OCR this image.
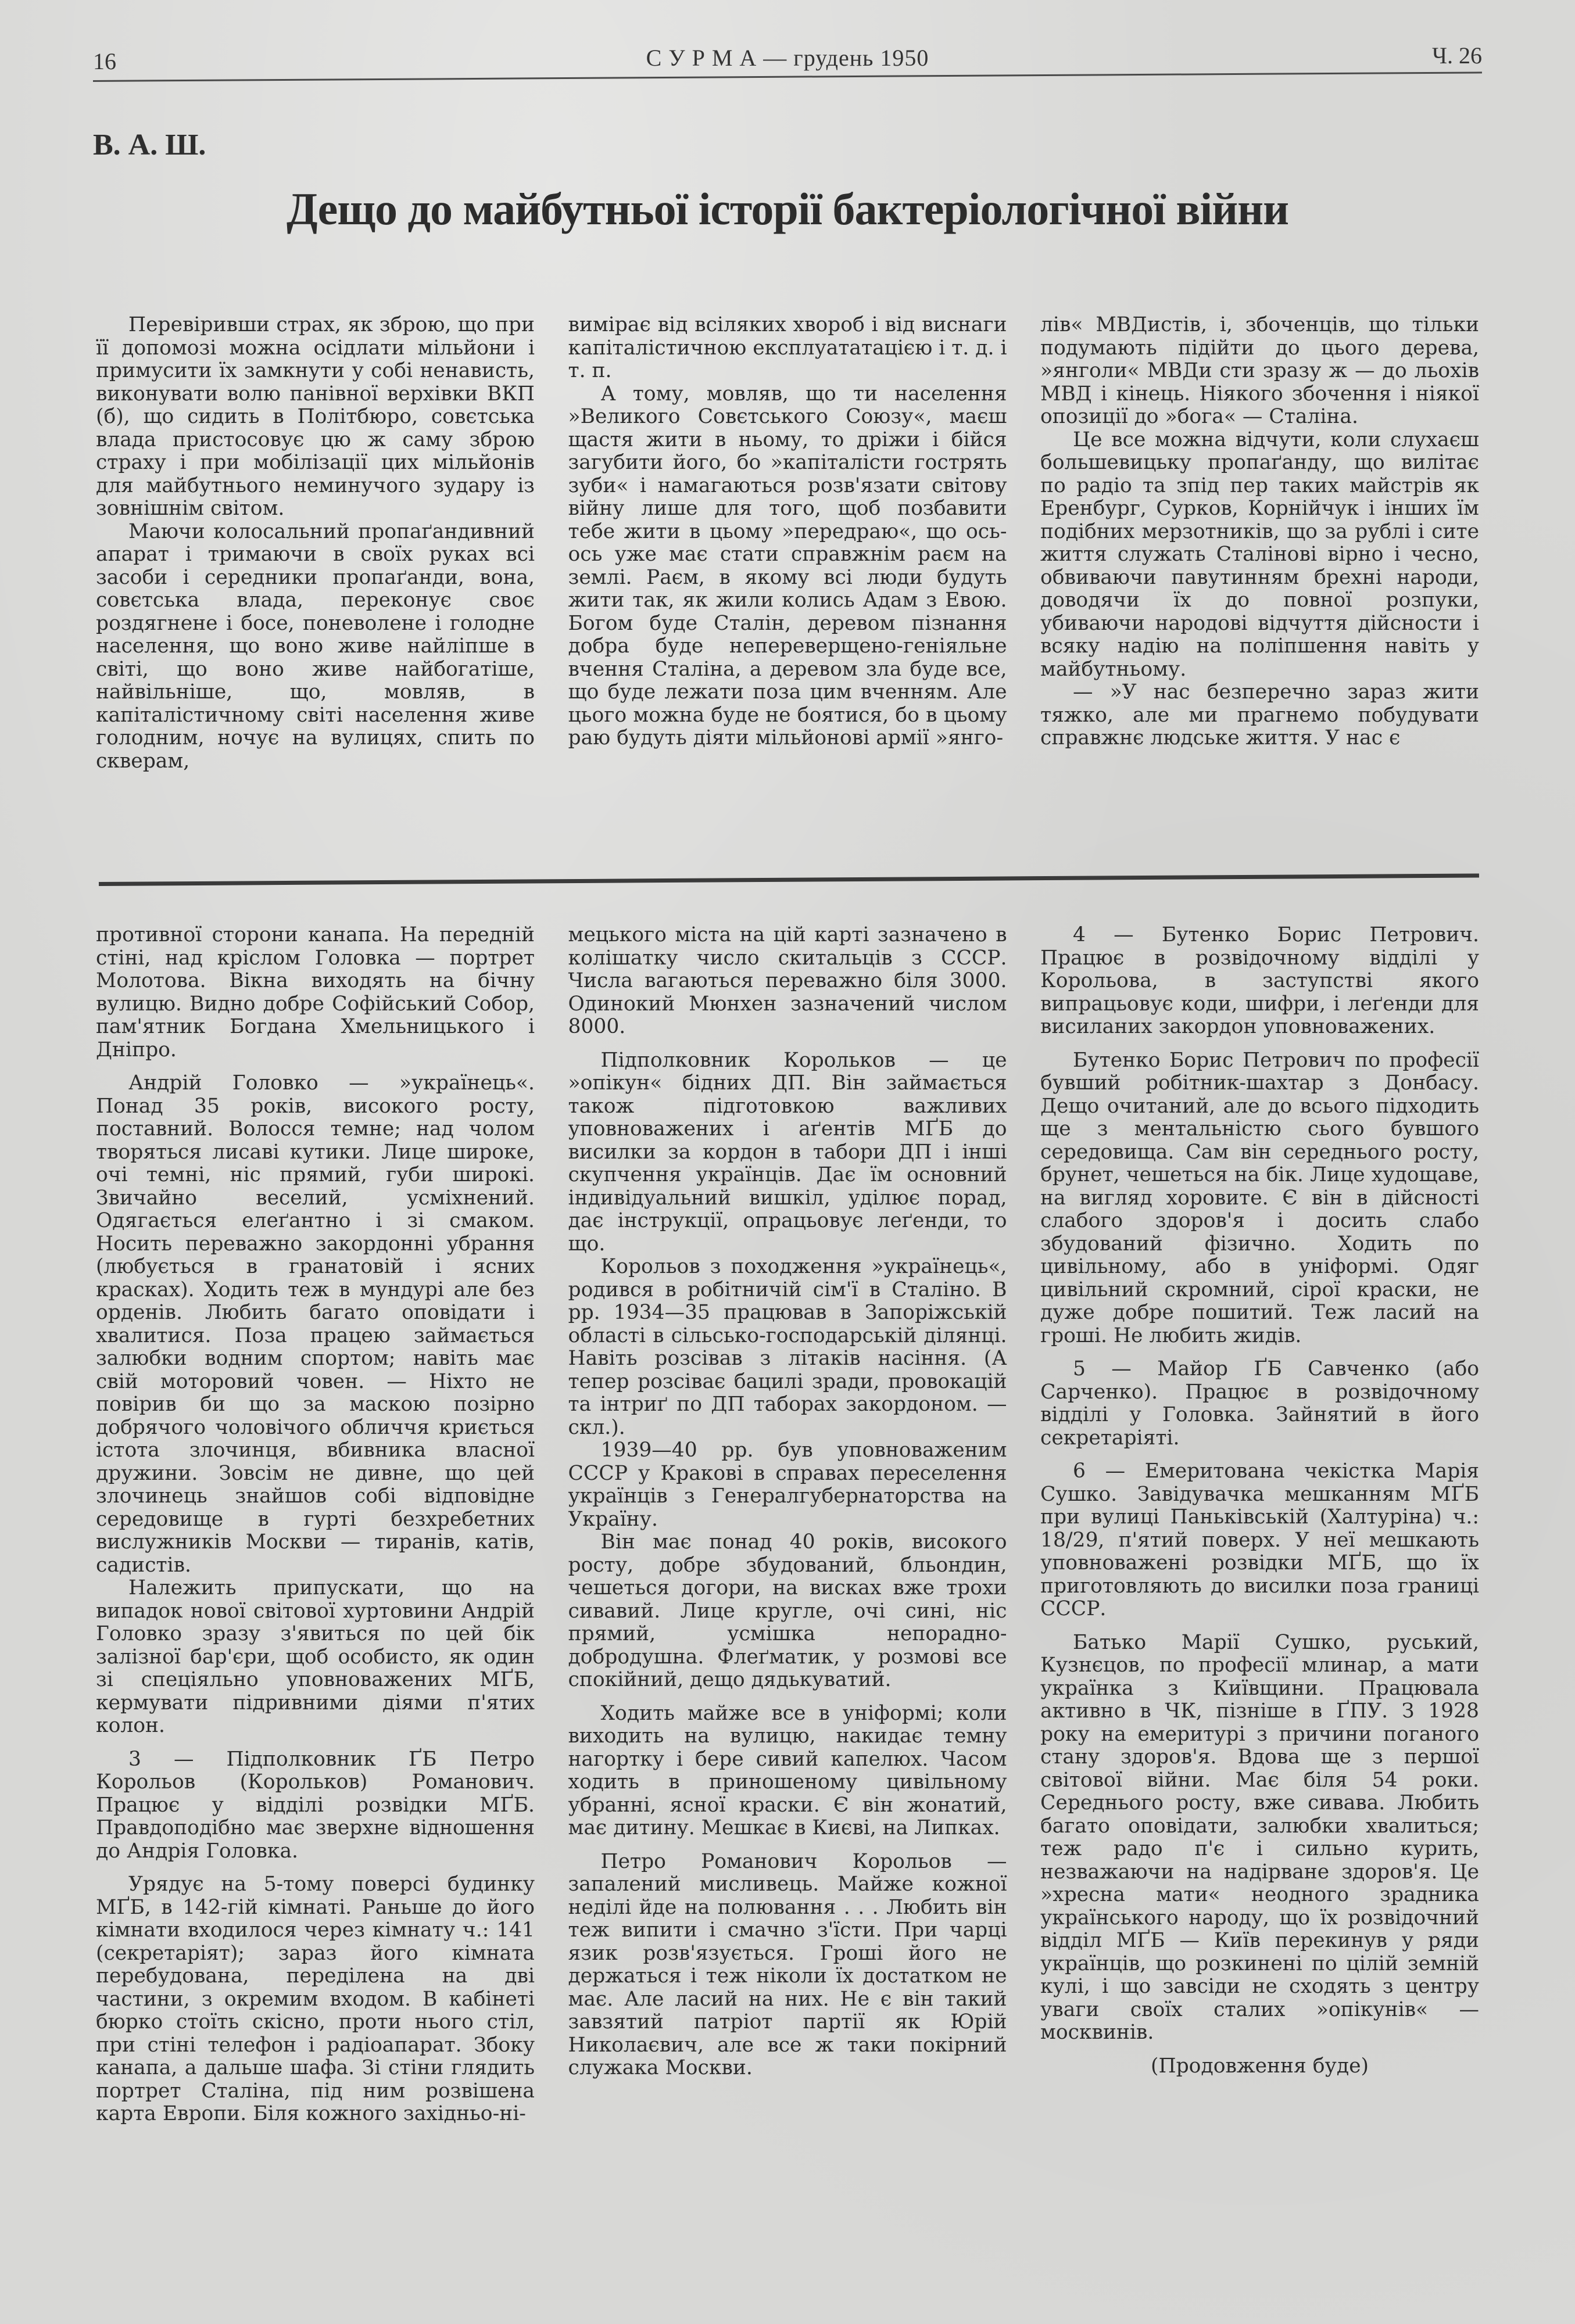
16	С У Р М А — грудень 1950	Ч. 26
В. А. Ш.
Дещо до майбутньої історії бактеріологічної війни

Перевіривши страх, як зброю, що при її допомозі можна осідлати мільйони і примусити їх замкнути у собі ненависть, виконувати волю панівної верхівки ВКП (б), що сидить в Політбюро, совєтська влада пристосовує цю ж саму зброю страху і при мобілізації цих мільйонів для майбутнього неминучого зудару із зовнішнім світом.

Маючи колосальний пропаґандивний апарат і тримаючи в своїх руках всі засоби і середники пропаґанди, вона, совєтська влада, переконує своє роздягнене і босе, поневолене і голодне населення, що воно живе найліпше в світі, що воно живе найбогатіше, найвільніше, що, мовляв, в капіталістичному світі населення живе голодним, ночує на вулицях, спить по скверам,

вимірає від всіляких хвороб і від виснаги капіталістичною експлуататацією і т. д. і т. п.

А тому, мовляв, що ти населення »Великого Совєтського Союзу«, маєш щастя жити в ньому, то дріжи і бійся загубити його, бо »капіталісти гострять зуби« і намагаються розв'язати світову війну лише для того, щоб позбавити тебе жити в цьому »передраю«, що ось-ось уже має стати справжнім раєм на землі. Раєм, в якому всі люди будуть жити так, як жили колись Адам з Евою. Богом буде Сталін, деревом пізнання добра буде непереверщено-геніяльне вчення Сталіна, а деревом зла буде все, що буде лежати поза цим вченням. Але цього можна буде не боятися, бо в цьому раю будуть діяти мільйонові армії »янго-

лів« МВДистів, і, збоченців, що тільки подумають підійти до цього дерева, »янголи« МВДи сти зразу ж — до льохів МВД і кінець. Ніякого збочення і ніякої опозиції до »бога« — Сталіна.

Це все можна відчути, коли слухаєш большевицьку пропаґанду, що вилітає по радіо та зпід пер таких майстрів як Еренбург, Сурков, Корнійчук і інших їм подібних мерзотників, що за рублі і сите життя служать Сталінові вірно і чесно, обвиваючи павутинням брехні народи, доводячи їх до повної розпуки, убиваючи народові відчуття дійсности і всяку надію на поліпшення навіть у майбутньому.

— »У нас безперечно зараз жити тяжко, але ми прагнемо побудувати справжнє людське життя. У нас є

противної сторони канапа. На передній стіні, над кріслом Головка — портрет Молотова. Вікна виходять на бічну вулицю. Видно добре Софійський Собор, пам'ятник Богдана Хмельницького і Дніпро.

Андрій Головко — »українець«. Понад 35 років, високого росту, поставний. Волосся темне; над чолом творяться лисаві кутики. Лице широке, очі темні, ніс прямий, губи широкі. Звичайно веселий, усміхнений. Одягається елеґантно і зі смаком. Носить переважно закордонні убрання (любується в гранатовій і ясних красках). Ходить теж в мундурі але без орденів. Любить багато оповідати і хвалитися. Поза працею займається залюбки водним спортом; навіть має свій моторовий човен. — Ніхто не повірив би що за маскою позірно добрячого чоловічого обличчя криється істота злочинця, вбивника власної дружини. Зовсім не дивне, що цей злочинець знайшов собі відповідне середовище в гурті безхребетних вислужників Москви — тиранів, катів, садистів.

Належить припускати, що на випадок нової світової хуртовини Андрій Головко зразу з'явиться по цей бік залізної бар'єри, щоб особисто, як один зі спеціяльно уповноважених МҐБ, кермувати підривними діями п'ятих колон.

3 — Підполковник ҐБ Петро Корольов (Корольков) Романович. Працює у відділі розвідки МҐБ. Правдоподібно має зверхне відношення до Андрія Головка.

Урядує на 5-тому поверсі будинку МҐБ, в 142-гій кімнаті. Раньше до його кімнати входилося через кімнату ч.: 141 (секретаріят); зараз його кімната перебудована, переділена на дві частини, з окремим входом. В кабінеті бюрко стоїть скісно, проти нього стіл, при стіні телефон і радіоапарат. Збоку канапа, а дальше шафа. Зі стіни глядить портрет Сталіна, під ним розвішена карта Европи. Біля кожного західньо-ні-

мецького міста на цій карті зазначено в колішатку число скитальців з СССР. Числа вагаються переважно біля 3000. Одинокий Мюнхен зазначений числом 8000.

Підполковник Корольков — це »опікун« бідних ДП. Він займається також підготовкою важливих уповноважених і аґентів МҐБ до висилки за кордон в табори ДП і інші скупчення українців. Дає їм основний індивідуальний вишкіл, уділює порад, дає інструкції, опрацьовує леґенди, то що.

Корольов з походження »українець«, родився в робітничій сім'ї в Сталіно. В рр. 1934—35 працював в Запоріжській області в сільсько-господарській ділянці. Навіть розсівав з літаків насіння. (А тепер розсіває бацилі зради, провокацій та інтриґ по ДП таборах закордоном. — скл.).

1939—40 рр. був уповноваженим СССР у Кракові в справах переселення українців з Генералгубернаторства на Україну.

Він має понад 40 років, високого росту, добре збудований, бльондин, чешеться догори, на висках вже трохи сивавий. Лице кругле, очі сині, ніс прямий, усмішка непорадно-добродушна. Флеґматик, у розмові все спокійний, дещо дядькуватий.

Ходить майже все в уніформі; коли виходить на вулицю, накидає темну нагортку і бере сивий капелюх. Часом ходить в приношеному цивільному убранні, ясної краски. Є він жонатий, має дитину. Мешкає в Києві, на Липках.

Петро Романович Корольов — запалений мисливець. Майже кожної неділі йде на полювання . . . Любить він теж випити і смачно з'їсти. При чарці язик розв'язується. Гроші його не держаться і теж ніколи їх достатком не має. Але ласий на них. Не є він такий завзятий патріот партії як Юрій Николаєвич, але все ж таки покірний служака Москви.

4 — Бутенко Борис Петрович. Працює в розвідочному відділі у Корольова, в заступстві якого випрацьовує коди, шифри, і леґенди для висиланих закордон уповноважених.

Бутенко Борис Петрович по професії бувший робітник-шахтар з Донбасу. Дещо очитаний, але до всього підходить ще з ментальністю сього бувшого середовища. Сам він середнього росту, брунет, чешеться на бік. Лице худощаве, на вигляд хоровите. Є він в дійсності слабого здоров'я і досить слабо збудований фізично. Ходить по цивільному, або в уніформі. Одяг цивільний скромний, сірої краски, не дуже добре пошитий. Теж ласий на гроші. Не любить жидів.

5 — Майор ҐБ Савченко (або Сарченко). Працює в розвідочному відділі у Головка. Зайнятий в його секретаріяті.

6 — Емеритована чекістка Марія Сушко. Завідувачка мешканням МҐБ при вулиці Паньківській (Халтуріна) ч.: 18/29, п'ятий поверх. У неї мешкають уповноважені розвідки МҐБ, що їх приготовляють до висилки поза границі СССР.

Батько Марії Сушко, руський, Кузнєцов, по професії млинар, а мати українка з Київщини. Працювала активно в ЧК, пізніше в ҐПУ. З 1928 року на емеритурі з причини поганого стану здоров'я. Вдова ще з першої світової війни. Має біля 54 роки. Середнього росту, вже сивава. Любить багато оповідати, залюбки хвалиться; теж радо п'є і сильно курить, незважаючи на надірване здоров'я. Це »хресна мати« неодного зрадника українського народу, що їх розвідочний відділ МҐБ — Київ перекинув у ряди українців, що розкинені по цілій земній кулі, і що завсіди не сходять з центру уваги своїх сталих »опікунів« — москвинів.

(Продовження буде)
